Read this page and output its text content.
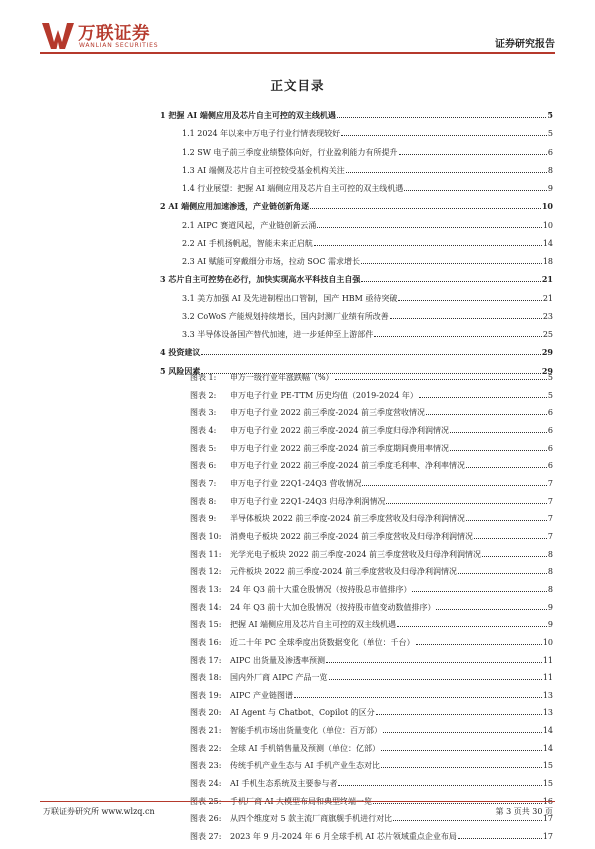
万联证券
WANLIAN SECURITIES	证券研究报告
正文目录
1 把握 AI 端侧应用及芯片自主可控的双主线机遇	5
1.1 2024 年以来中万电子行业行情表现较好	5
1.2 SW 电子前三季度业绩整体向好，行业盈利能力有所提升	6
1.3 AI 端侧及芯片自主可控较受基金机构关注	8
1.4 行业展望：把握 AI 端侧应用及芯片自主可控的双主线机遇	9
2 AI 端侧应用加速渗透，产业链创新角逐	10
2.1 AIPC 赛道风起，产业链创新云涌	10
2.2 AI 手机扬帆起，智能未来正启航	14
2.3 AI 赋能可穿戴细分市场，拉动 SOC 需求增长	18
3 芯片自主可控势在必行，加快实现高水平科技自主自强	21
3.1 美方加强 AI 及先进制程出口管制，国产 HBM 亟待突破	21
3.2 CoWoS 产能规划持续增长，国内封测厂业绩有所改善	23
3.3 半导体设备国产替代加速，进一步延伸至上游部件	25
4 投资建议	29
5 风险因素	29
图表 1:	申万一级行业年涨跌幅（%）	5
图表 2:	申万电子行业 PE-TTM 历史均值（2019-2024 年）	5
图表 3:	申万电子行业 2022 前三季度-2024 前三季度营收情况	6
图表 4:	申万电子行业 2022 前三季度-2024 前三季度归母净利润情况	6
图表 5:	申万电子行业 2022 前三季度-2024 前三季度期间费用率情况	6
图表 6:	申万电子行业 2022 前三季度-2024 前三季度毛利率、净利率情况	6
图表 7:	申万电子行业 22Q1-24Q3 营收情况	7
图表 8:	申万电子行业 22Q1-24Q3 归母净利润情况	7
图表 9:	半导体板块 2022 前三季度-2024 前三季度营收及归母净利润情况	7
图表 10:	消费电子板块 2022 前三季度-2024 前三季度营收及归母净利润情况	7
图表 11:	光学光电子板块 2022 前三季度-2024 前三季度营收及归母净利润情况	8
图表 12:	元件板块 2022 前三季度-2024 前三季度营收及归母净利润情况	8
图表 13:	24 年 Q3 前十大重仓股情况（按持股总市值排序）	8
图表 14:	24 年 Q3 前十大加仓股情况（按持股市值变动数值排序）	9
图表 15:	把握 AI 端侧应用及芯片自主可控的双主线机遇	9
图表 16:	近二十年 PC 全球季度出货数据变化（单位：千台）	10
图表 17:	AIPC 出货量及渗透率预测	11
图表 18:	国内外厂商 AIPC 产品一览	11
图表 19:	AIPC 产业链图谱	13
图表 20:	AI Agent 与 Chatbot、Copilot 的区分	13
图表 21:	智能手机市场出货量变化（单位：百万部）	14
图表 22:	全球 AI 手机销售量及预测（单位：亿部）	14
图表 23:	传统手机产业生态与 AI 手机产业生态对比	15
图表 24:	AI 手机生态系统及主要参与者	15
图表 25:	手机厂商 AI 大模型布局和典型终端一览	16
图表 26:	从四个维度对 5 款主流厂商旗舰手机进行对比	17
图表 27:	2023 年 9 月-2024 年 6 月全球手机 AI 芯片领域重点企业布局	17
万联证券研究所 www.wlzq.cn	第 3 页共 30 页
